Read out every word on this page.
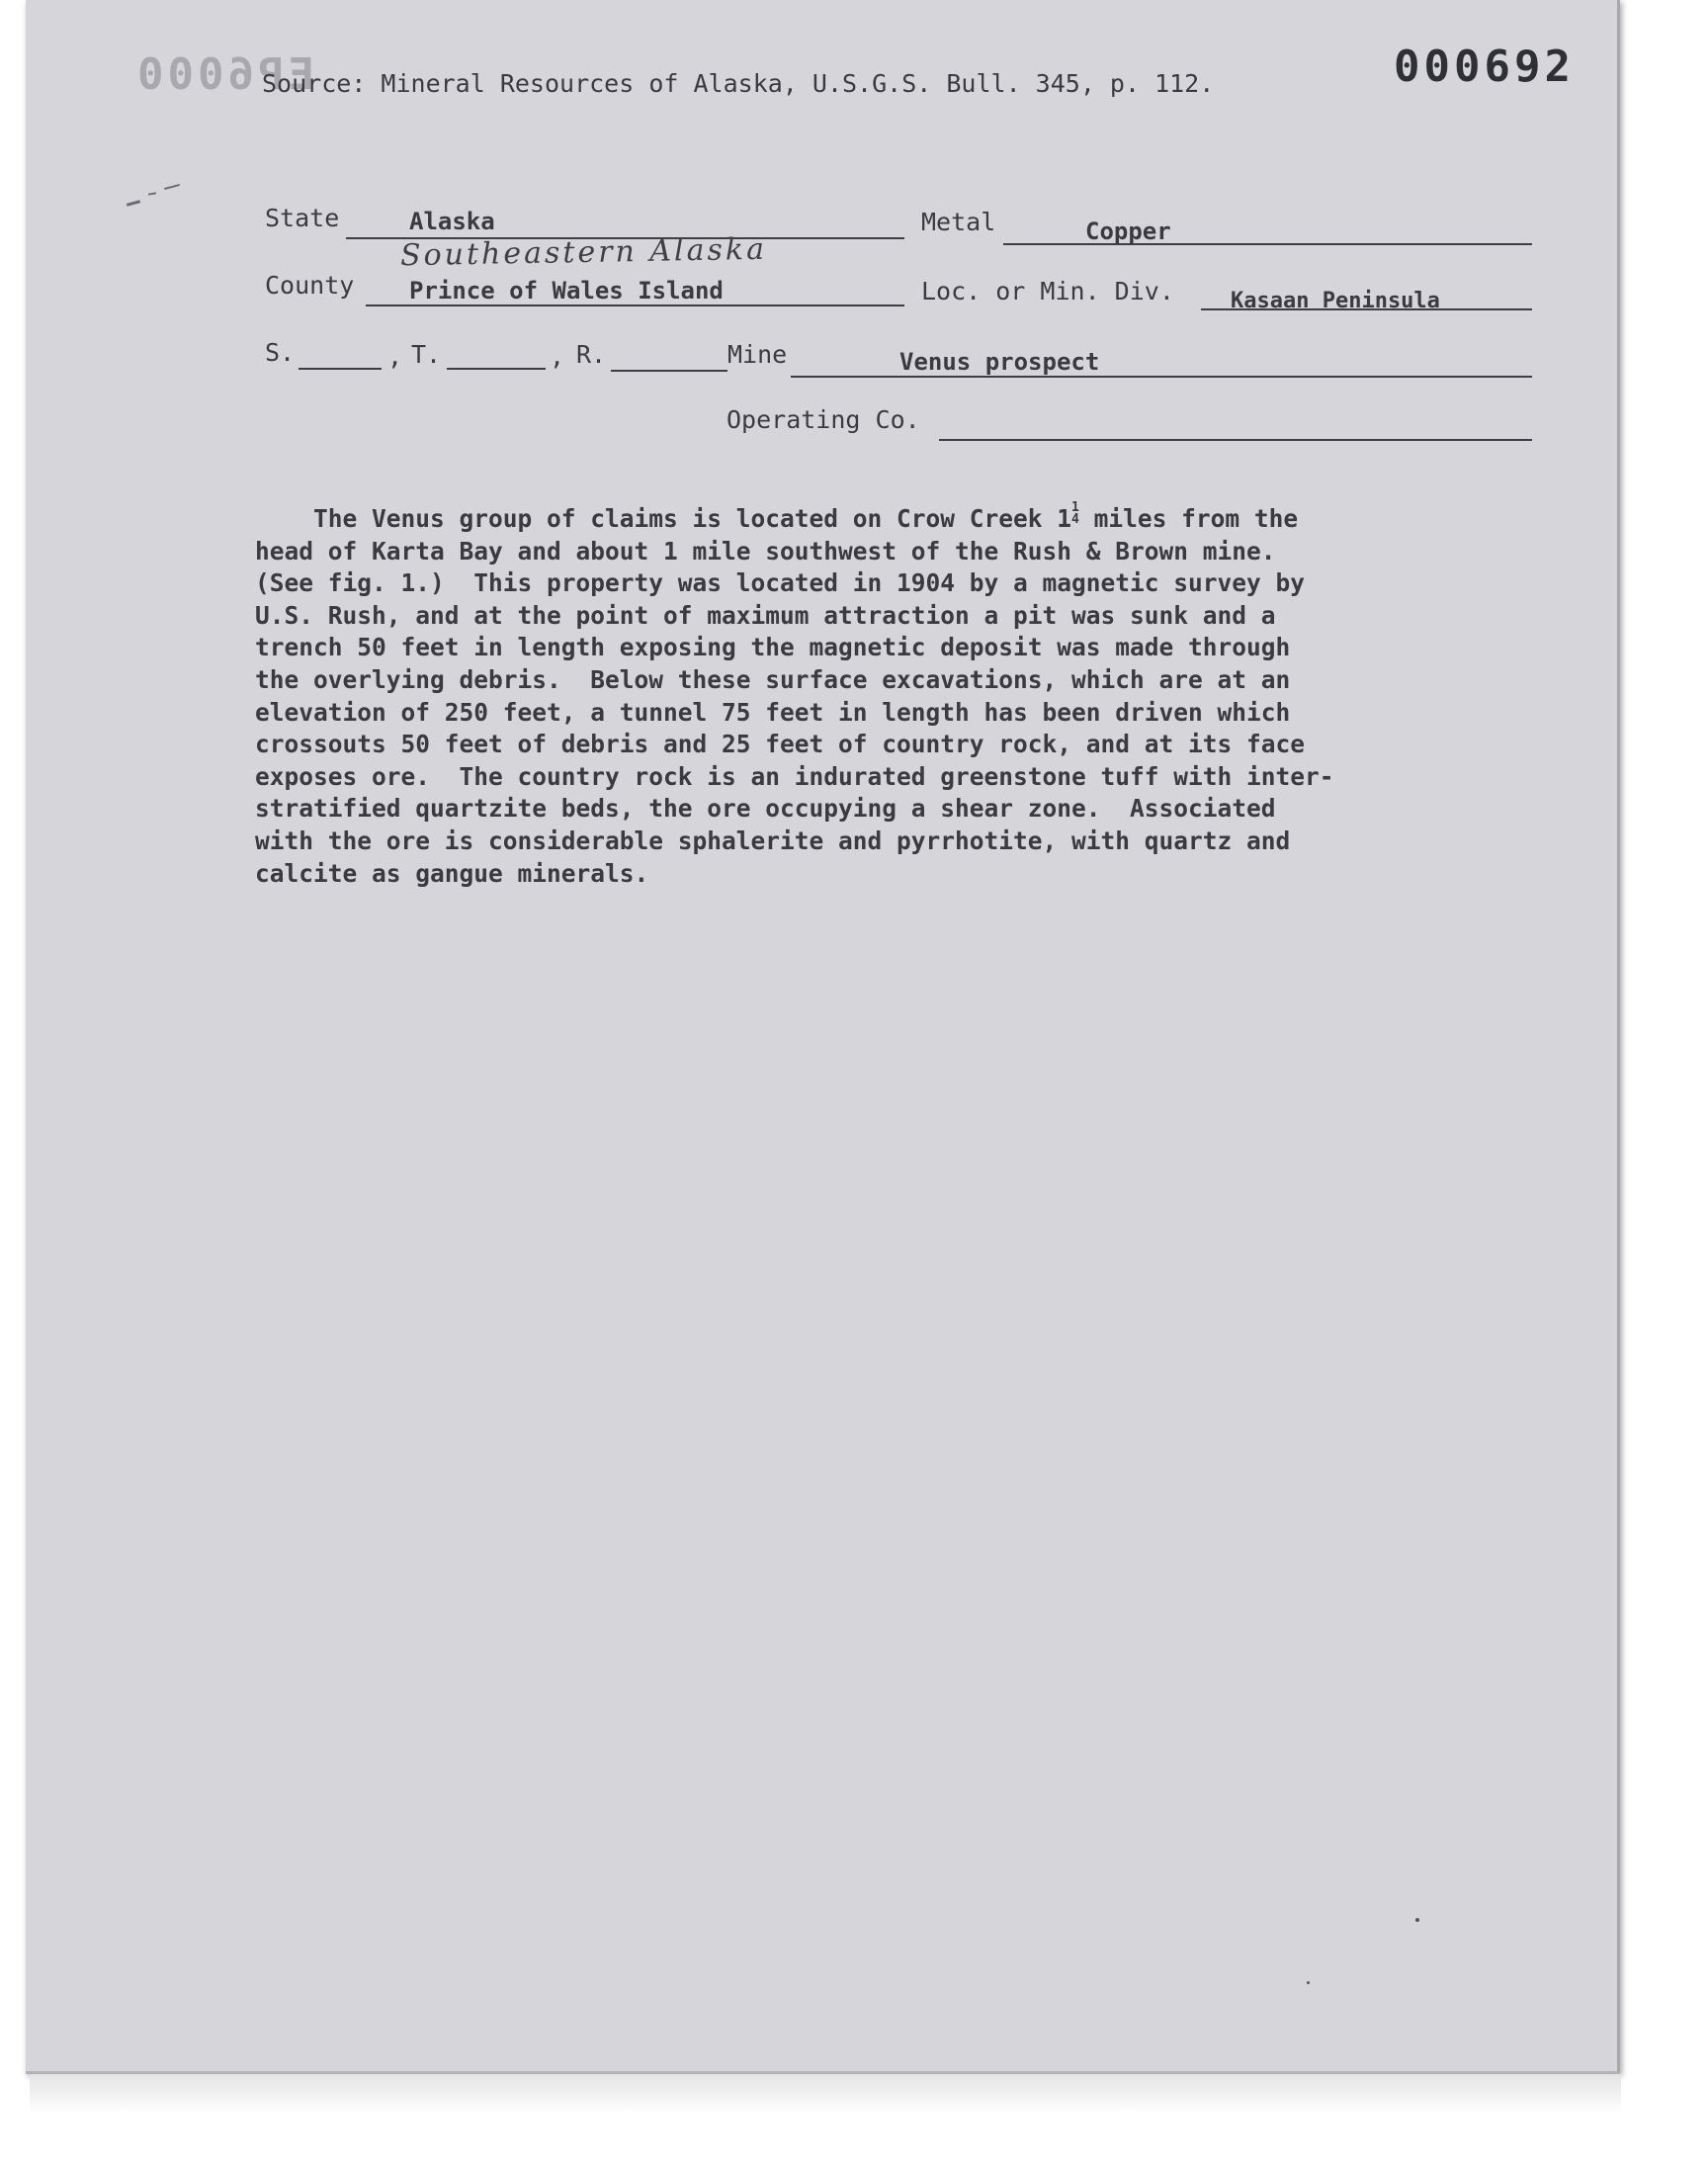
EP6000	000692
Source: Mineral Resources of Alaska, U.S.G.S. Bull. 345, p. 112.
State	Alaska
Southeastern Alaska
Metal	Copper
County Prince of Wales Island	Loc. or Min. Div.	Kasaan Peninsula
S.	, T.	, R.	Mine	Venus prospect
Operating Co.
The Venus group of claims is located on Crow Creek 1 1
4 miles from the
head of Karta Bay and about 1 mile southwest of the Rush & Brown mine.
(See fig. 1.)  This property was located in 1904 by a magnetic survey by
U.S. Rush, and at the point of maximum attraction a pit was sunk and a
trench 50 feet in length exposing the magnetic deposit was made through
the overlying debris.  Below these surface excavations, which are at an
elevation of 250 feet, a tunnel 75 feet in length has been driven which
crossouts 50 feet of debris and 25 feet of country rock, and at its face
exposes ore.  The country rock is an indurated greenstone tuff with inter-
stratified quartzite beds, the ore occupying a shear zone.  Associated
with the ore is considerable sphalerite and pyrrhotite, with quartz and
calcite as gangue minerals.
